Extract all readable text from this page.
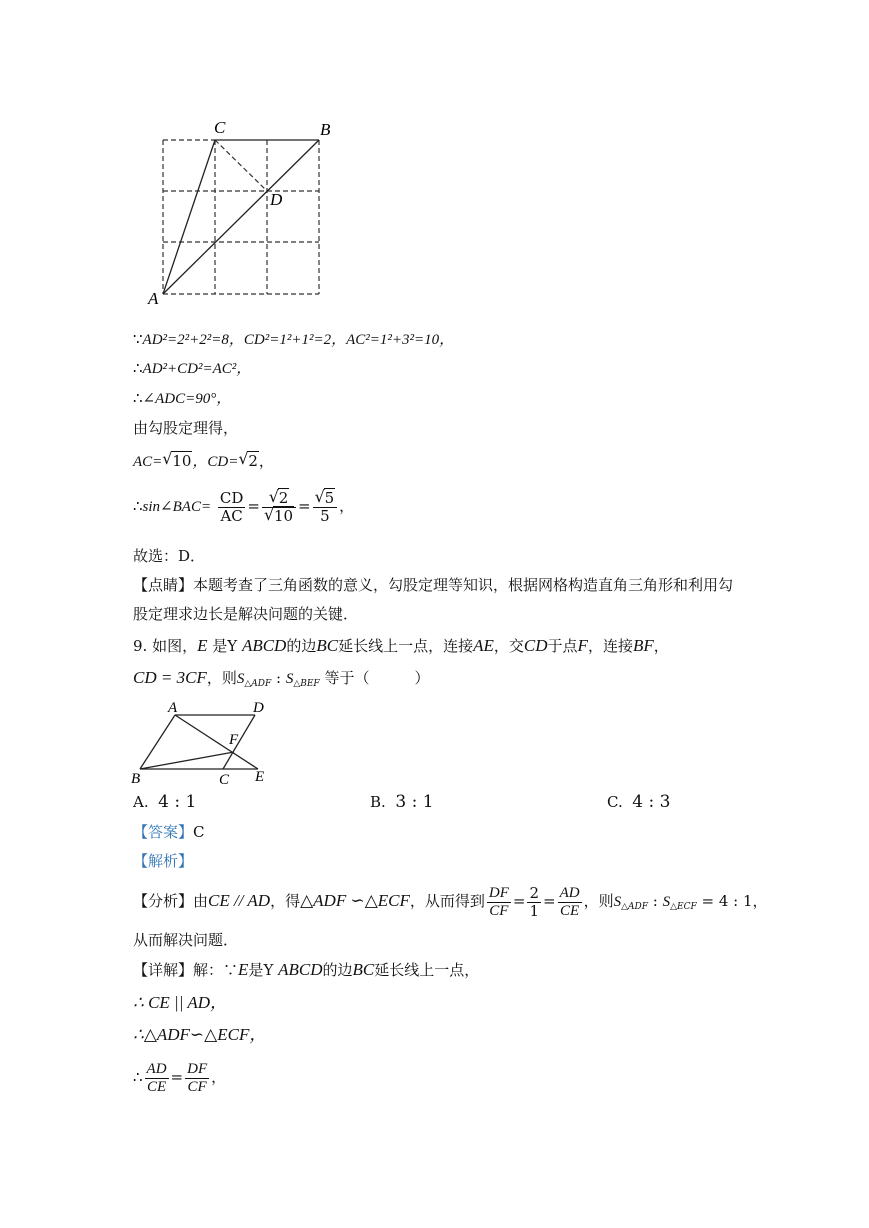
C	B
D
A
∵AD²=2²+2²=8，CD²=1²+1²=2，AC²=1²+3²=10，
∴AD²+CD²=AC²，
∴∠ADC=90°，
由勾股定理得，
AC= √ 10，CD= √ 2，
∴sin∠BAC= $\frac{CD}{AC} = \frac{√ 2}{√ 10} = \frac{√ 5}{5}$ ，
故选：D．
【点睛】本题考查了三角函数的意义，勾股定理等知识，根据网格构造直角三角形和利用勾
股定理求边长是解决问题的关键．
9. 如图，E 是Y ABCD的边BC延长线上一点，连接AE，交CD于点F，连接BF，
CD = 3CF，则$S_{\triangle ADF}$ : $S_{\triangle BEF}$ 等于（　　　）
A	D
F
B	C E
A. 4 : 1	B. 3 : 1	C. 4 : 3
【答案】C
【解析】
【分析】由CE // AD，得△ADF ∽△ECF，从而得到 $\frac{DF}{CF} = \frac{2}{1} = \frac{AD}{CE}$ ，则$S_{\triangle ADF}$ : $S_{\triangle ECF} = 4$ : 1，
从而解决问题．
【详解】解：∵E是Y ABCD的边BC延长线上一点，
∴ CE || AD，
∴△ADF∽△ECF，
∴ $\frac{AD}{CE} = \frac{DF}{CF}$ ，
